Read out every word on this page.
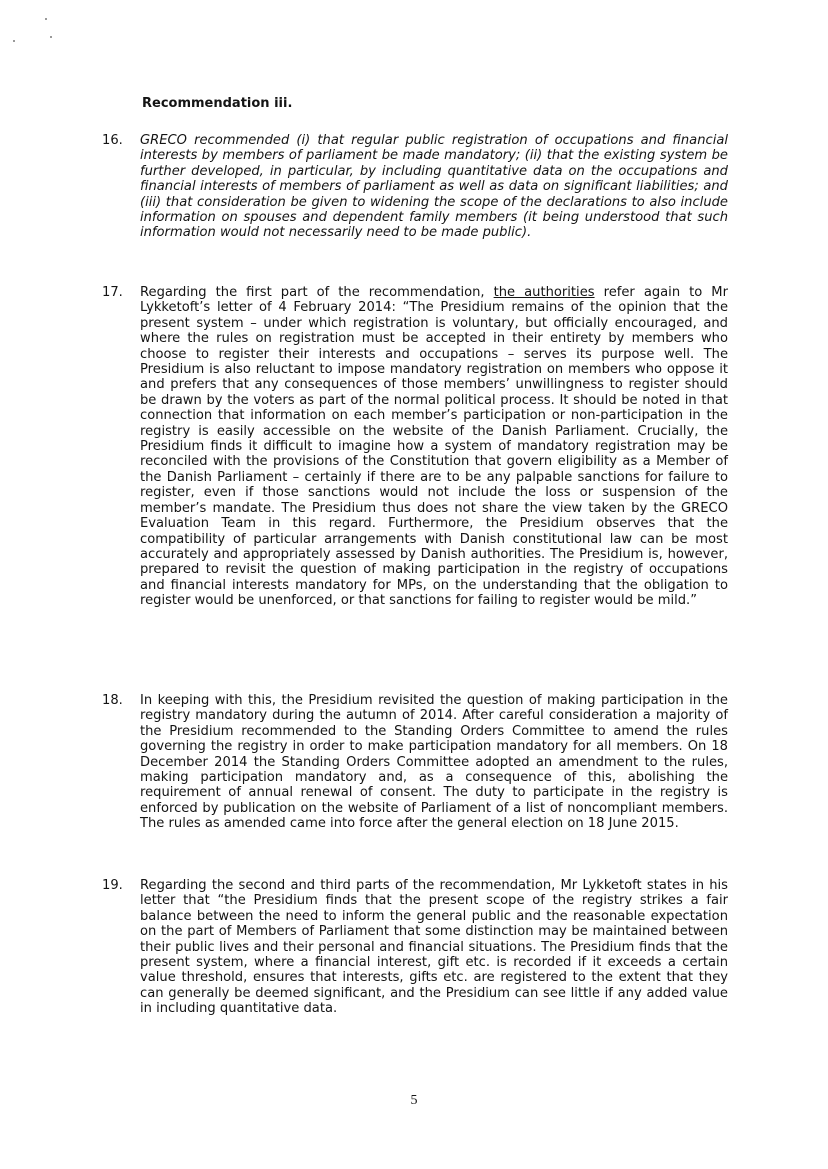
Recommendation iii.
16.	GRECO recommended (i) that regular public registration of occupations and financial interests by members of parliament be made mandatory; (ii) that the existing system be further developed, in particular, by including quantitative data on the occupations and financial interests of members of parliament as well as data on significant liabilities; and (iii) that consideration be given to widening the scope of the declarations to also include information on spouses and dependent family members (it being understood that such information would not necessarily need to be made public).
17.	Regarding the first part of the recommendation, the authorities refer again to Mr Lykketoft’s letter of 4 February 2014: “The Presidium remains of the opinion that the present system – under which registration is voluntary, but officially encouraged, and where the rules on registration must be accepted in their entirety by members who choose to register their interests and occupations – serves its purpose well. The Presidium is also reluctant to impose mandatory registration on members who oppose it and prefers that any consequences of those members’ unwillingness to register should be drawn by the voters as part of the normal political process. It should be noted in that connection that information on each member’s participation or non-participation in the registry is easily accessible on the website of the Danish Parliament. Crucially, the Presidium finds it difficult to imagine how a system of mandatory registration may be reconciled with the provisions of the Constitution that govern eligibility as a Member of the Danish Parliament – certainly if there are to be any palpable sanctions for failure to register, even if those sanctions would not include the loss or suspension of the member’s mandate. The Presidium thus does not share the view taken by the GRECO Evaluation Team in this regard. Furthermore, the Presidium observes that the compatibility of particular arrangements with Danish constitutional law can be most accurately and appropriately assessed by Danish authorities. The Presidium is, however, prepared to revisit the question of making participation in the registry of occupations and financial interests mandatory for MPs, on the understanding that the obligation to register would be unenforced, or that sanctions for failing to register would be mild.”
18.	In keeping with this, the Presidium revisited the question of making participation in the registry mandatory during the autumn of 2014. After careful consideration a majority of the Presidium recommended to the Standing Orders Committee to amend the rules governing the registry in order to make participation mandatory for all members. On 18 December 2014 the Standing Orders Committee adopted an amendment to the rules, making participation mandatory and, as a consequence of this, abolishing the requirement of annual renewal of consent. The duty to participate in the registry is enforced by publication on the website of Parliament of a list of noncompliant members. The rules as amended came into force after the general election on 18 June 2015.
19.	Regarding the second and third parts of the recommendation, Mr Lykketoft states in his letter that “the Presidium finds that the present scope of the registry strikes a fair balance between the need to inform the general public and the reasonable expectation on the part of Members of Parliament that some distinction may be maintained between their public lives and their personal and financial situations. The Presidium finds that the present system, where a financial interest, gift etc. is recorded if it exceeds a certain value threshold, ensures that interests, gifts etc. are registered to the extent that they can generally be deemed significant, and the Presidium can see little if any added value in including quantitative data.
5
